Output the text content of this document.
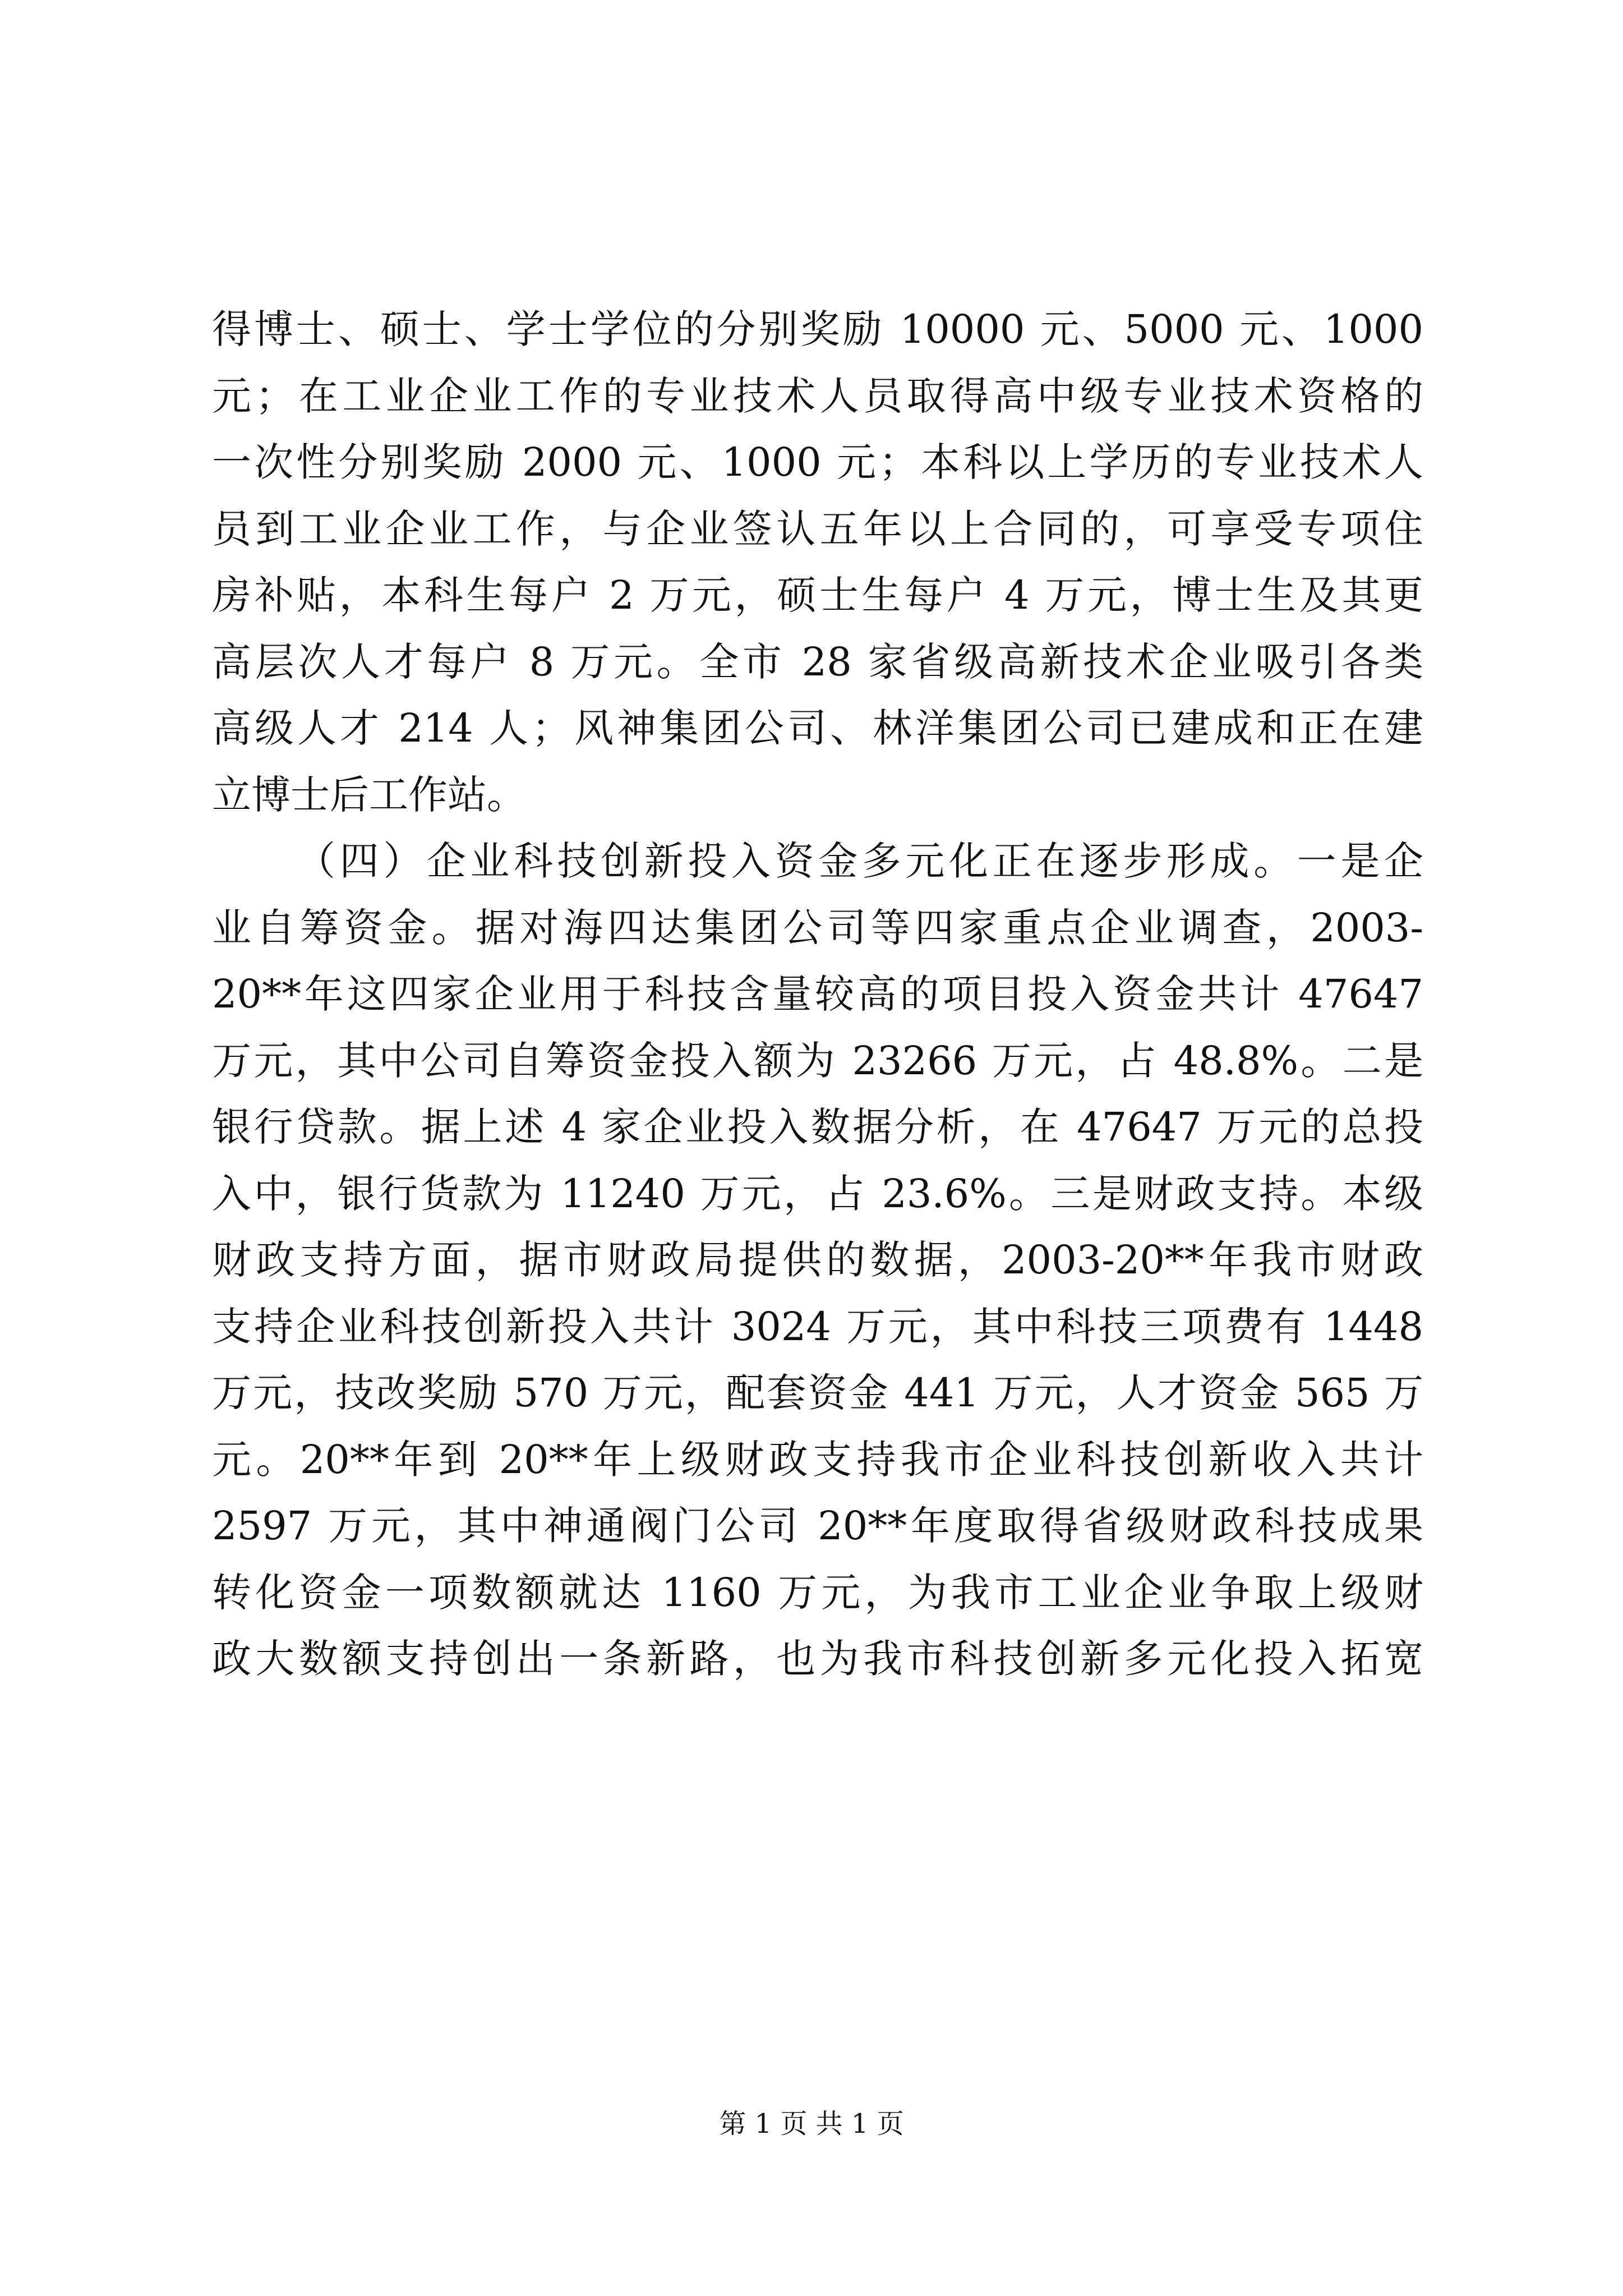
得博士、硕士、学士学位的分别奖励 10000 元、5000 元、1000
元；在工业企业工作的专业技术人员取得高中级专业技术资格的
一次性分别奖励 2000 元、1000 元；本科以上学历的专业技术人
员到工业企业工作，与企业签认五年以上合同的，可享受专项住
房补贴，本科生每户 2 万元，硕士生每户 4 万元，博士生及其更
高层次人才每户 8 万元。全市 28 家省级高新技术企业吸引各类
高级人才 214 人；风神集团公司、林洋集团公司已建成和正在建
立博士后工作站。
（四）企业科技创新投入资金多元化正在逐步形成。一是企
业自筹资金。据对海四达集团公司等四家重点企业调查，2003-
20**年这四家企业用于科技含量较高的项目投入资金共计 47647
万元，其中公司自筹资金投入额为 23266 万元，占 48.8%。二是
银行贷款。据上述 4 家企业投入数据分析，在 47647 万元的总投
入中，银行货款为 11240 万元，占 23.6%。三是财政支持。本级
财政支持方面，据市财政局提供的数据，2003-20**年我市财政
支持企业科技创新投入共计 3024 万元，其中科技三项费有 1448
万元，技改奖励 570 万元，配套资金 441 万元，人才资金 565 万
元。20**年到 20**年上级财政支持我市企业科技创新收入共计
2597 万元，其中神通阀门公司 20**年度取得省级财政科技成果
转化资金一项数额就达 1160 万元，为我市工业企业争取上级财
政大数额支持创出一条新路，也为我市科技创新多元化投入拓宽
第 1 页 共 1 页
